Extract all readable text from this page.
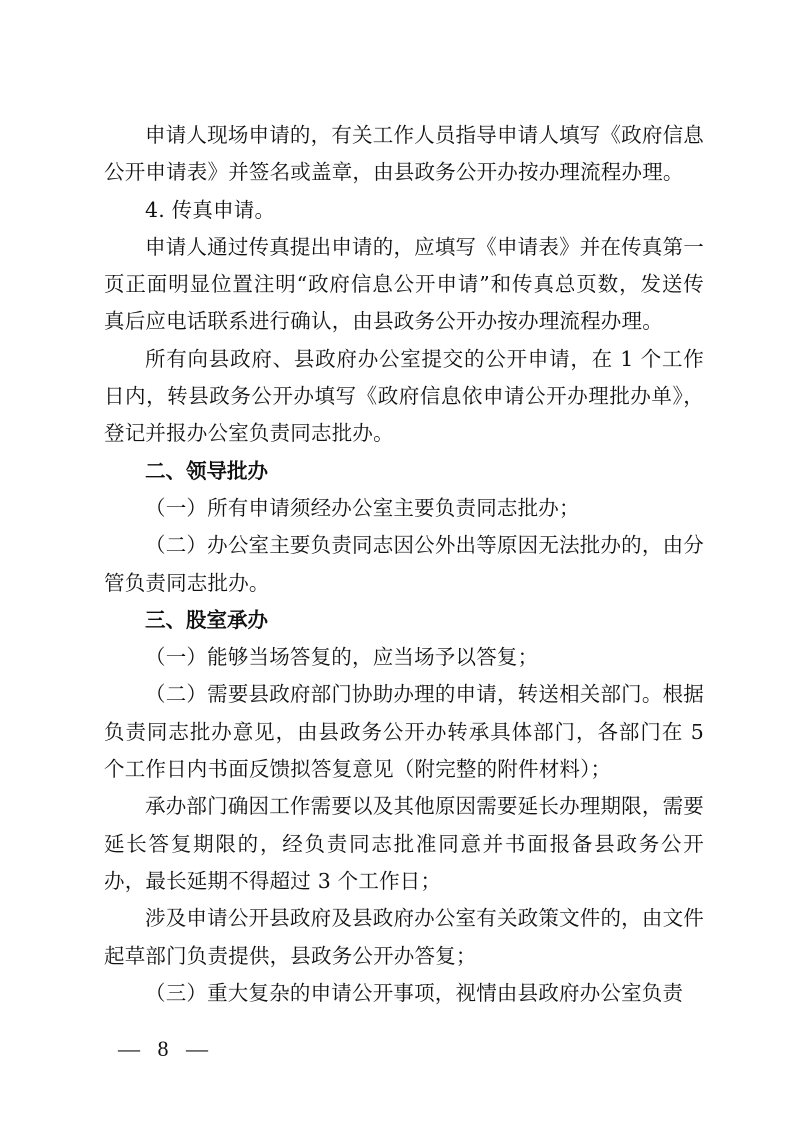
申请人现场申请的，有关工作人员指导申请人填写《政府信息公开申请表》并签名或盖章，由县政务公开办按办理流程办理。

4. 传真申请。

申请人通过传真提出申请的，应填写《申请表》并在传真第一页正面明显位置注明“政府信息公开申请”和传真总页数，发送传真后应电话联系进行确认，由县政务公开办按办理流程办理。

所有向县政府、县政府办公室提交的公开申请，在 1 个工作日内，转县政务公开办填写《政府信息依申请公开办理批办单》，登记并报办公室负责同志批办。

二、领导批办

（一）所有申请须经办公室主要负责同志批办；

（二）办公室主要负责同志因公外出等原因无法批办的，由分管负责同志批办。

三、股室承办

（一）能够当场答复的，应当场予以答复；

（二）需要县政府部门协助办理的申请，转送相关部门。根据负责同志批办意见，由县政务公开办转承具体部门，各部门在 5 个工作日内书面反馈拟答复意见（附完整的附件材料）；

承办部门确因工作需要以及其他原因需要延长办理期限，需要延长答复期限的，经负责同志批准同意并书面报备县政务公开办，最长延期不得超过 3 个工作日；

涉及申请公开县政府及县政府办公室有关政策文件的，由文件起草部门负责提供，县政务公开办答复；

（三）重大复杂的申请公开事项，视情由县政府办公室负责

— 8 —
